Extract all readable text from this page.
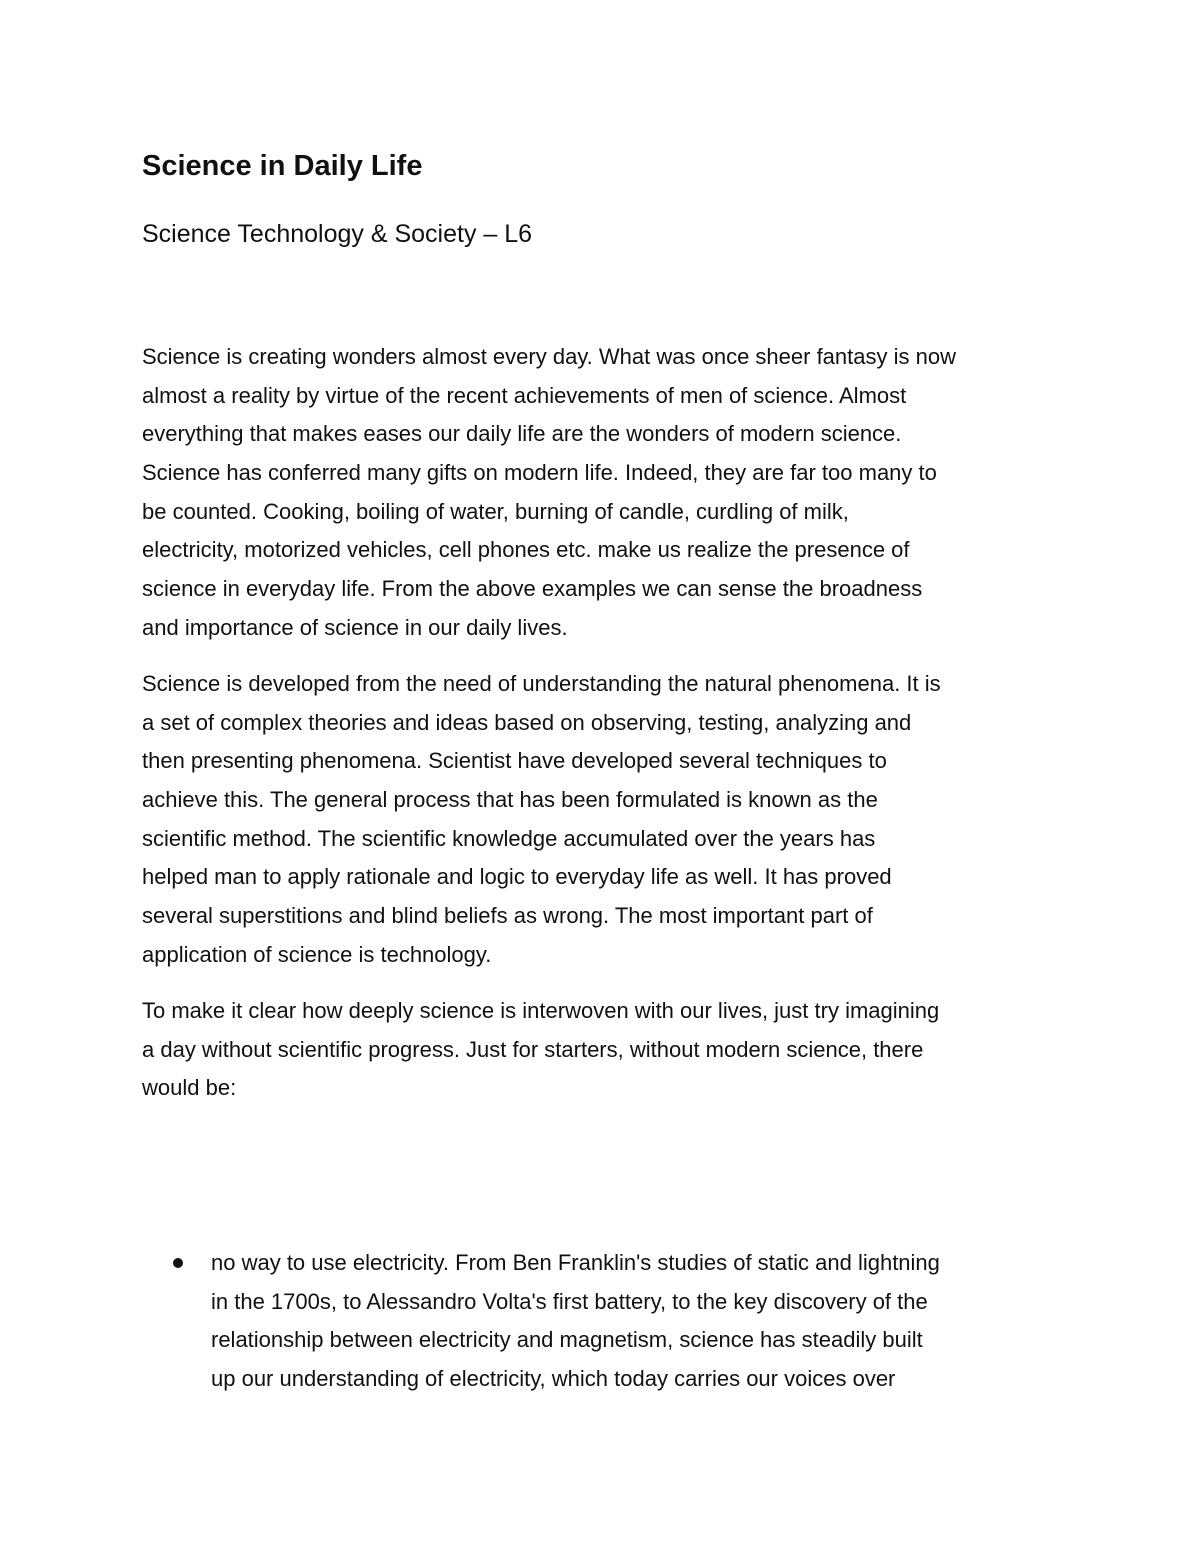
Science in Daily Life
Science Technology & Society – L6

Science is creating wonders almost every day. What was once sheer fantasy is now
almost a reality by virtue of the recent achievements of men of science. Almost
everything that makes eases our daily life are the wonders of modern science.
Science has conferred many gifts on modern life. Indeed, they are far too many to
be counted. Cooking, boiling of water, burning of candle, curdling of milk,
electricity, motorized vehicles, cell phones etc. make us realize the presence of
science in everyday life. From the above examples we can sense the broadness
and importance of science in our daily lives.

Science is developed from the need of understanding the natural phenomena. It is
a set of complex theories and ideas based on observing, testing, analyzing and
then presenting phenomena. Scientist have developed several techniques to
achieve this. The general process that has been formulated is known as the
scientific method. The scientific knowledge accumulated over the years has
helped man to apply rationale and logic to everyday life as well. It has proved
several superstitions and blind beliefs as wrong. The most important part of
application of science is technology.

To make it clear how deeply science is interwoven with our lives, just try imagining
a day without scientific progress. Just for starters, without modern science, there
would be:

no way to use electricity. From Ben Franklin's studies of static and lightning
in the 1700s, to Alessandro Volta's first battery, to the key discovery of the
relationship between electricity and magnetism, science has steadily built
up our understanding of electricity, which today carries our voices over
